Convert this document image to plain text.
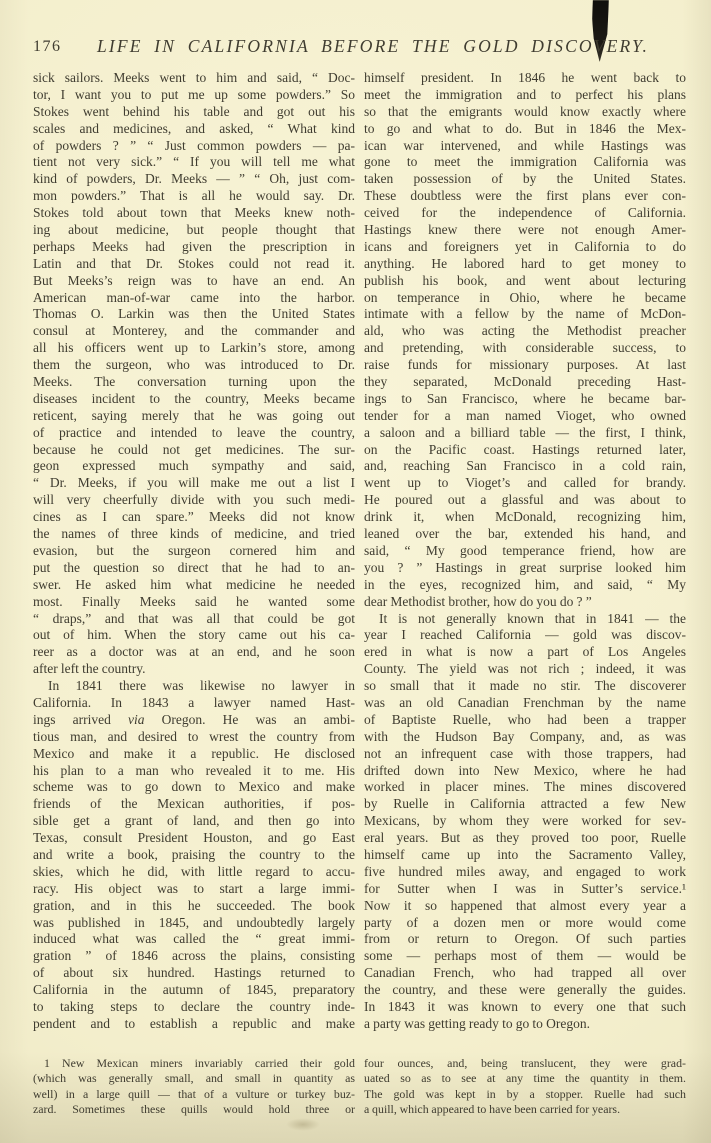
176	LIFE IN CALIFORNIA BEFORE THE GOLD DISCOVERY.
sick sailors. Meeks went to him and said, “ Doc-
tor, I want you to put me up some powders.” So
Stokes went behind his table and got out his
scales and medicines, and asked, “ What kind
of powders ? ” “ Just common powders — pa-
tient not very sick.” “ If you will tell me what
kind of powders, Dr. Meeks — ” “ Oh, just com-
mon powders.” That is all he would say. Dr.
Stokes told about town that Meeks knew noth-
ing about medicine, but people thought that
perhaps Meeks had given the prescription in
Latin and that Dr. Stokes could not read it.
But Meeks’s reign was to have an end. An
American man-of-war came into the harbor.
Thomas O. Larkin was then the United States
consul at Monterey, and the commander and
all his officers went up to Larkin’s store, among
them the surgeon, who was introduced to Dr.
Meeks. The conversation turning upon the
diseases incident to the country, Meeks became
reticent, saying merely that he was going out
of practice and intended to leave the country,
because he could not get medicines. The sur-
geon expressed much sympathy and said,
“ Dr. Meeks, if you will make me out a list I
will very cheerfully divide with you such medi-
cines as I can spare.” Meeks did not know
the names of three kinds of medicine, and tried
evasion, but the surgeon cornered him and
put the question so direct that he had to an-
swer. He asked him what medicine he needed
most. Finally Meeks said he wanted some
“ draps,” and that was all that could be got
out of him. When the story came out his ca-
reer as a doctor was at an end, and he soon
after left the country.
In 1841 there was likewise no lawyer in
California. In 1843 a lawyer named Hast-
ings arrived via Oregon. He was an ambi-
tious man, and desired to wrest the country from
Mexico and make it a republic. He disclosed
his plan to a man who revealed it to me. His
scheme was to go down to Mexico and make
friends of the Mexican authorities, if pos-
sible get a grant of land, and then go into
Texas, consult President Houston, and go East
and write a book, praising the country to the
skies, which he did, with little regard to accu-
racy. His object was to start a large immi-
gration, and in this he succeeded. The book
was published in 1845, and undoubtedly largely
induced what was called the “ great immi-
gration ” of 1846 across the plains, consisting
of about six hundred. Hastings returned to
California in the autumn of 1845, preparatory
to taking steps to declare the country inde-
pendent and to establish a republic and make
himself president. In 1846 he went back to
meet the immigration and to perfect his plans
so that the emigrants would know exactly where
to go and what to do. But in 1846 the Mex-
ican war intervened, and while Hastings was
gone to meet the immigration California was
taken possession of by the United States.
These doubtless were the first plans ever con-
ceived for the independence of California.
Hastings knew there were not enough Amer-
icans and foreigners yet in California to do
anything. He labored hard to get money to
publish his book, and went about lecturing
on temperance in Ohio, where he became
intimate with a fellow by the name of McDon-
ald, who was acting the Methodist preacher
and pretending, with considerable success, to
raise funds for missionary purposes. At last
they separated, McDonald preceding Hast-
ings to San Francisco, where he became bar-
tender for a man named Vioget, who owned
a saloon and a billiard table — the first, I think,
on the Pacific coast. Hastings returned later,
and, reaching San Francisco in a cold rain,
went up to Vioget’s and called for brandy.
He poured out a glassful and was about to
drink it, when McDonald, recognizing him,
leaned over the bar, extended his hand, and
said, “ My good temperance friend, how are
you ? ” Hastings in great surprise looked him
in the eyes, recognized him, and said, “ My
dear Methodist brother, how do you do ? ”
It is not generally known that in 1841 — the
year I reached California — gold was discov-
ered in what is now a part of Los Angeles
County. The yield was not rich ; indeed, it was
so small that it made no stir. The discoverer
was an old Canadian Frenchman by the name
of Baptiste Ruelle, who had been a trapper
with the Hudson Bay Company, and, as was
not an infrequent case with those trappers, had
drifted down into New Mexico, where he had
worked in placer mines. The mines discovered
by Ruelle in California attracted a few New
Mexicans, by whom they were worked for sev-
eral years. But as they proved too poor, Ruelle
himself came up into the Sacramento Valley,
five hundred miles away, and engaged to work
for Sutter when I was in Sutter’s service.¹
Now it so happened that almost every year a
party of a dozen men or more would come
from or return to Oregon. Of such parties
some — perhaps most of them — would be
Canadian French, who had trapped all over
the country, and these were generally the guides.
In 1843 it was known to every one that such
a party was getting ready to go to Oregon.
1 New Mexican miners invariably carried their gold
(which was generally small, and small in quantity as
well) in a large quill — that of a vulture or turkey buz-
zard. Sometimes these quills would hold three or
four ounces, and, being translucent, they were grad-
uated so as to see at any time the quantity in them.
The gold was kept in by a stopper. Ruelle had such
a quill, which appeared to have been carried for years.
